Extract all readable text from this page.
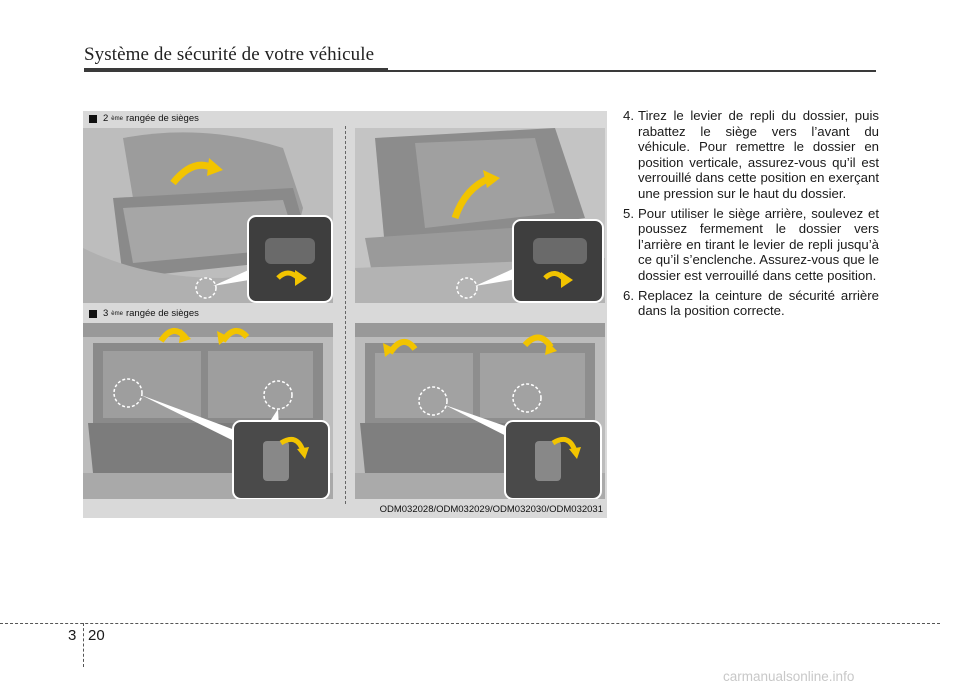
Système de sécurité de votre véhicule
2 ème rangée de sièges
3 ème rangée de sièges
ODM032028/ODM032029/ODM032030/ODM032031
4. Tirez le levier de repli du dossier, puis rabattez le siège vers l’avant du véhicule. Pour remettre le dossier en position verticale, assurez-vous qu’il est verrouillé dans cette position en exerçant une pression sur le haut du dossier.
5. Pour utiliser le siège arrière, soulevez et poussez fermement le dossier vers l’arrière en tirant le levier de repli jusqu’à ce qu’il s’enclenche. Assurez-vous que le dossier est verrouillé dans cette position.
6. Replacez la ceinture de sécurité arrière dans la position correcte.
3 20
carmanualsonline.info
